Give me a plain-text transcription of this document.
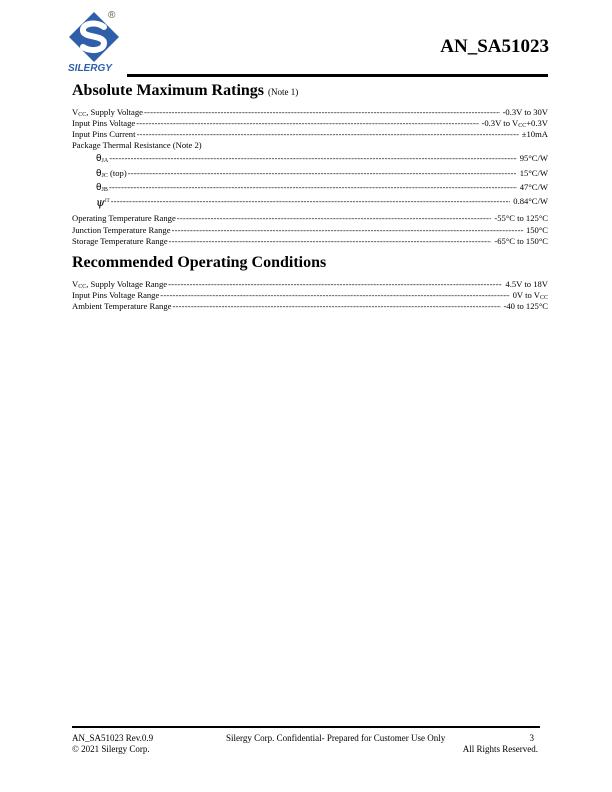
SILERGY
®
AN_SA51023
Absolute Maximum Ratings (Note 1)
$V_{CC}$, Supply Voltage -----	-0.3V to 30V
Input Pins Voltage -----	-0.3V to $V_{CC}+0.3V$
Input Pins Current -----	±10mA
Package Thermal Resistance (Note 2)
$\theta_{JA}$ -----	95°C/W
$\theta_{JC}$ (top) -----	15°C/W
$\theta_{JB}$ -----	47°C/W
$\psi^{JT}$ -----	0.84°C/W
Operating Temperature Range -----	-55°C to 125°C
Junction Temperature Range -----	150°C
Storage Temperature Range -----	-65°C to 150°C
Recommended Operating Conditions
$V_{CC}$, Supply Voltage Range -----	4.5V to 18V
Input Pins Voltage Range -----	0V to $V_{CC}$
Ambient Temperature Range -----	-40 to 125°C
AN_SA51023 Rev.0.9
© 2021 Silergy Corp.
Silergy Corp. Confidential- Prepared for Customer Use Only	3
All Rights Reserved.
